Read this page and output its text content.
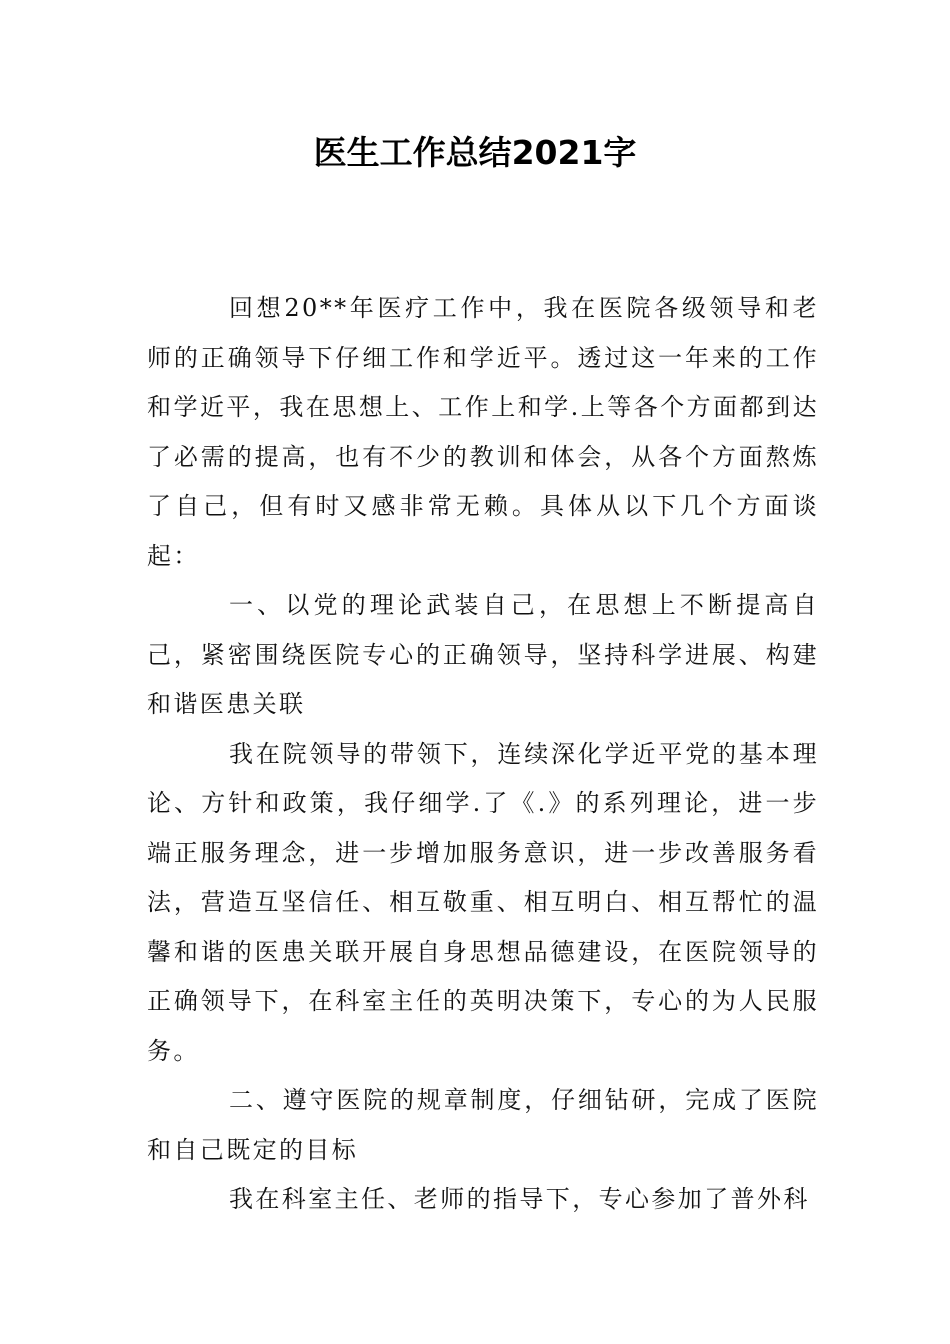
医生工作总结2021字

回想20**年医疗工作中，我在医院各级领导和老师的正确领导下仔细工作和学近平。透过这一年来的工作和学近平，我在思想上、工作上和学.上等各个方面都到达了必需的提高，也有不少的教训和体会，从各个方面熬炼了自己，但有时又感非常无赖。具体从以下几个方面谈起：

一、以党的理论武装自己，在思想上不断提高自己，紧密围绕医院专心的正确领导，坚持科学进展、构建和谐医患关联

我在院领导的带领下，连续深化学近平党的基本理论、方针和政策，我仔细学.了《.》的系列理论，进一步端正服务理念，进一步增加服务意识，进一步改善服务看法，营造互坚信任、相互敬重、相互明白、相互帮忙的温馨和谐的医患关联开展自身思想品德建设，在医院领导的正确领导下，在科室主任的英明决策下，专心的为人民服务。

二、遵守医院的规章制度，仔细钻研，完成了医院和自己既定的目标

我在科室主任、老师的指导下，专心参加了普外科
